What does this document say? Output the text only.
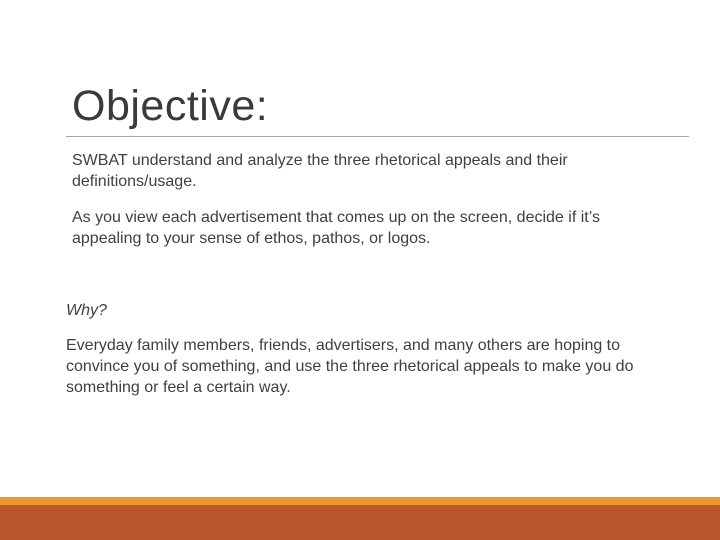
Objective:
SWBAT understand and analyze the three rhetorical appeals and their definitions/usage.
As you view each advertisement that comes up on the screen, decide if it’s appealing to your sense of ethos, pathos, or logos.
Why?
Everyday family members, friends, advertisers, and many others are hoping to convince you of something, and use the three rhetorical appeals to make you do something or feel a certain way.
